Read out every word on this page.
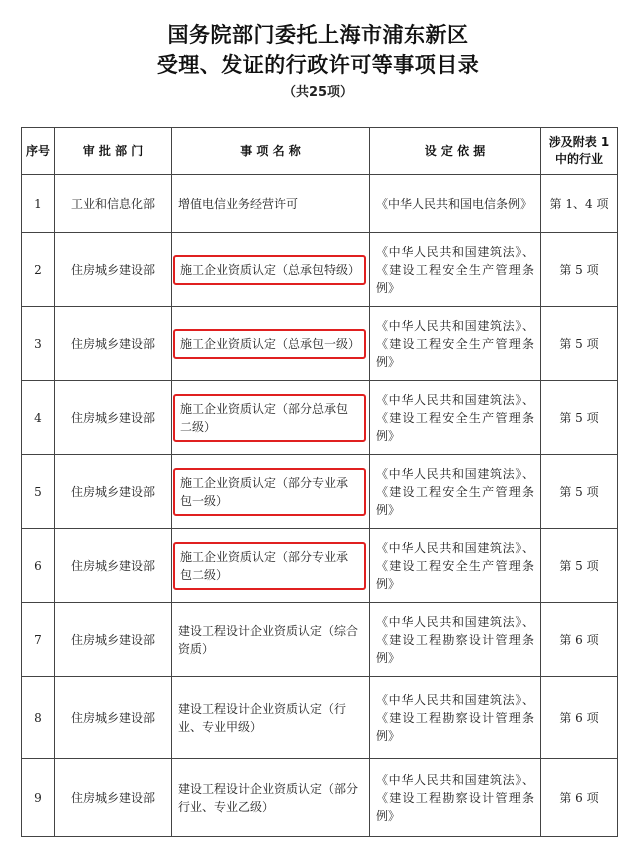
国务院部门委托上海市浦东新区
受理、发证的行政许可等事项目录
（共25项）
序号	审 批 部 门	事 项 名 称	设 定 依 据	涉及附表 1 中的行业
1	工业和信息化部	增值电信业务经营许可	《中华人民共和国电信条例》	第 1、4 项
2	住房城乡建设部	施工企业资质认定（总承包特级）	《中华人民共和国建筑法》、《建设工程安全生产管理条例》	第 5 项
3	住房城乡建设部	施工企业资质认定（总承包一级）	《中华人民共和国建筑法》、《建设工程安全生产管理条例》	第 5 项
4	住房城乡建设部	施工企业资质认定（部分总承包二级）	《中华人民共和国建筑法》、《建设工程安全生产管理条例》	第 5 项
5	住房城乡建设部	施工企业资质认定（部分专业承包一级）	《中华人民共和国建筑法》、《建设工程安全生产管理条例》	第 5 项
6	住房城乡建设部	施工企业资质认定（部分专业承包二级）	《中华人民共和国建筑法》、《建设工程安全生产管理条例》	第 5 项
7	住房城乡建设部	建设工程设计企业资质认定（综合资质）	《中华人民共和国建筑法》、《建设工程勘察设计管理条例》	第 6 项
8	住房城乡建设部	建设工程设计企业资质认定（行业、专业甲级）	《中华人民共和国建筑法》、《建设工程勘察设计管理条例》	第 6 项
9	住房城乡建设部	建设工程设计企业资质认定（部分行业、专业乙级）	《中华人民共和国建筑法》、《建设工程勘察设计管理条例》	第 6 项
